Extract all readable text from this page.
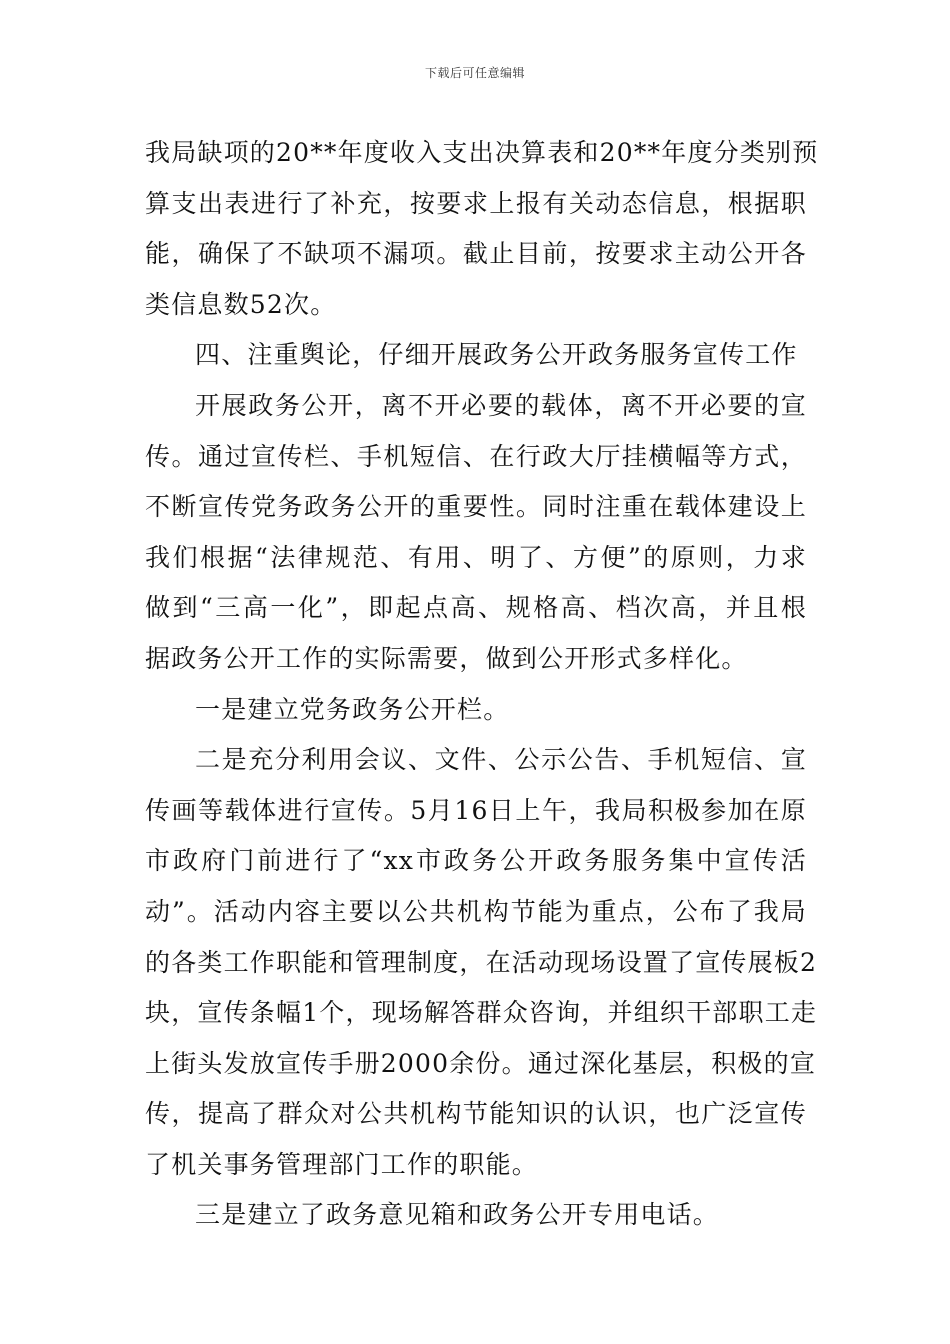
下载后可任意编辑
我局缺项的20**年度收入支出决算表和20**年度分类别预
算支出表进行了补充，按要求上报有关动态信息，根据职
能，确保了不缺项不漏项。截止目前，按要求主动公开各
类信息数52次。
四、注重舆论，仔细开展政务公开政务服务宣传工作
开展政务公开，离不开必要的载体，离不开必要的宣
传。通过宣传栏、手机短信、在行政大厅挂横幅等方式，
不断宣传党务政务公开的重要性。同时注重在载体建设上
我们根据“法律规范、有用、明了、方便”的原则，力求
做到“三高一化”，即起点高、规格高、档次高，并且根
据政务公开工作的实际需要，做到公开形式多样化。
一是建立党务政务公开栏。
二是充分利用会议、文件、公示公告、手机短信、宣
传画等载体进行宣传。5月16日上午，我局积极参加在原
市政府门前进行了“xx市政务公开政务服务集中宣传活
动”。活动内容主要以公共机构节能为重点，公布了我局
的各类工作职能和管理制度，在活动现场设置了宣传展板2
块，宣传条幅1个，现场解答群众咨询，并组织干部职工走
上街头发放宣传手册2000余份。通过深化基层，积极的宣
传，提高了群众对公共机构节能知识的认识，也广泛宣传
了机关事务管理部门工作的职能。
三是建立了政务意见箱和政务公开专用电话。
